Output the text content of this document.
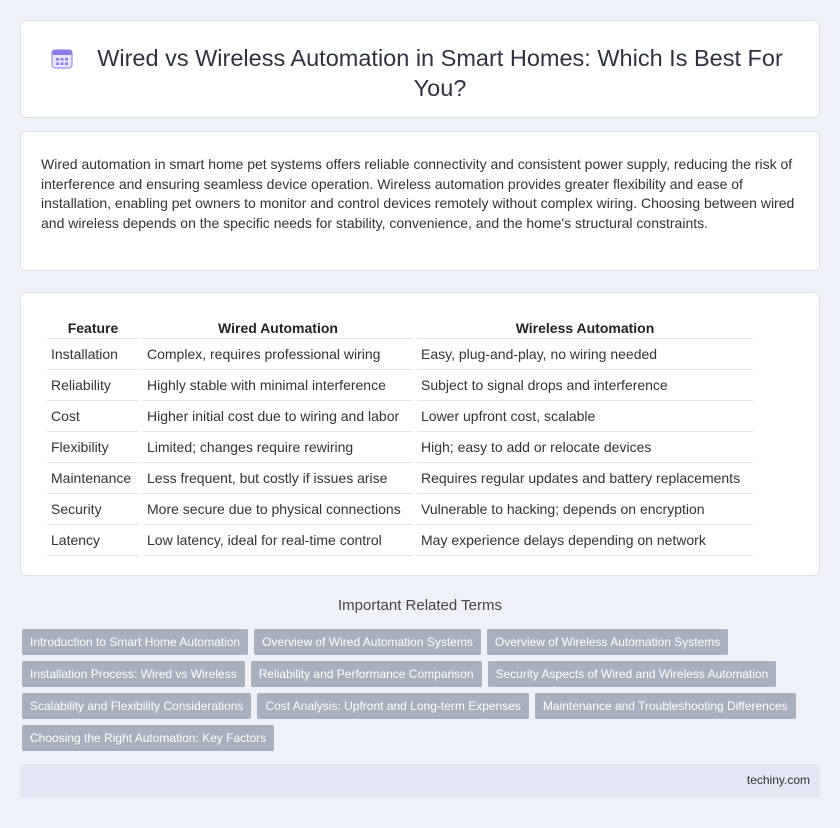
Wired vs Wireless Automation in Smart Homes: Which Is Best For You?

Wired automation in smart home pet systems offers reliable connectivity and consistent power supply, reducing the risk of interference and ensuring seamless device operation. Wireless automation provides greater flexibility and ease of installation, enabling pet owners to monitor and control devices remotely without complex wiring. Choosing between wired and wireless depends on the specific needs for stability, convenience, and the home's structural constraints.

Feature	Wired Automation	Wireless Automation
Installation	Complex, requires professional wiring	Easy, plug-and-play, no wiring needed
Reliability	Highly stable with minimal interference	Subject to signal drops and interference
Cost	Higher initial cost due to wiring and labor	Lower upfront cost, scalable
Flexibility	Limited; changes require rewiring	High; easy to add or relocate devices
Maintenance	Less frequent, but costly if issues arise	Requires regular updates and battery replacements
Security	More secure due to physical connections	Vulnerable to hacking; depends on encryption
Latency	Low latency, ideal for real-time control	May experience delays depending on network
Important Related Terms
Introduction to Smart Home Automation	Overview of Wired Automation Systems	Overview of Wireless Automation Systems
Installation Process: Wired vs Wireless	Reliability and Performance Comparison	Security Aspects of Wired and Wireless Automation
Scalability and Flexibility Considerations	Cost Analysis: Upfront and Long-term Expenses	Maintenance and Troubleshooting Differences
Choosing the Right Automation: Key Factors
techiny.com
